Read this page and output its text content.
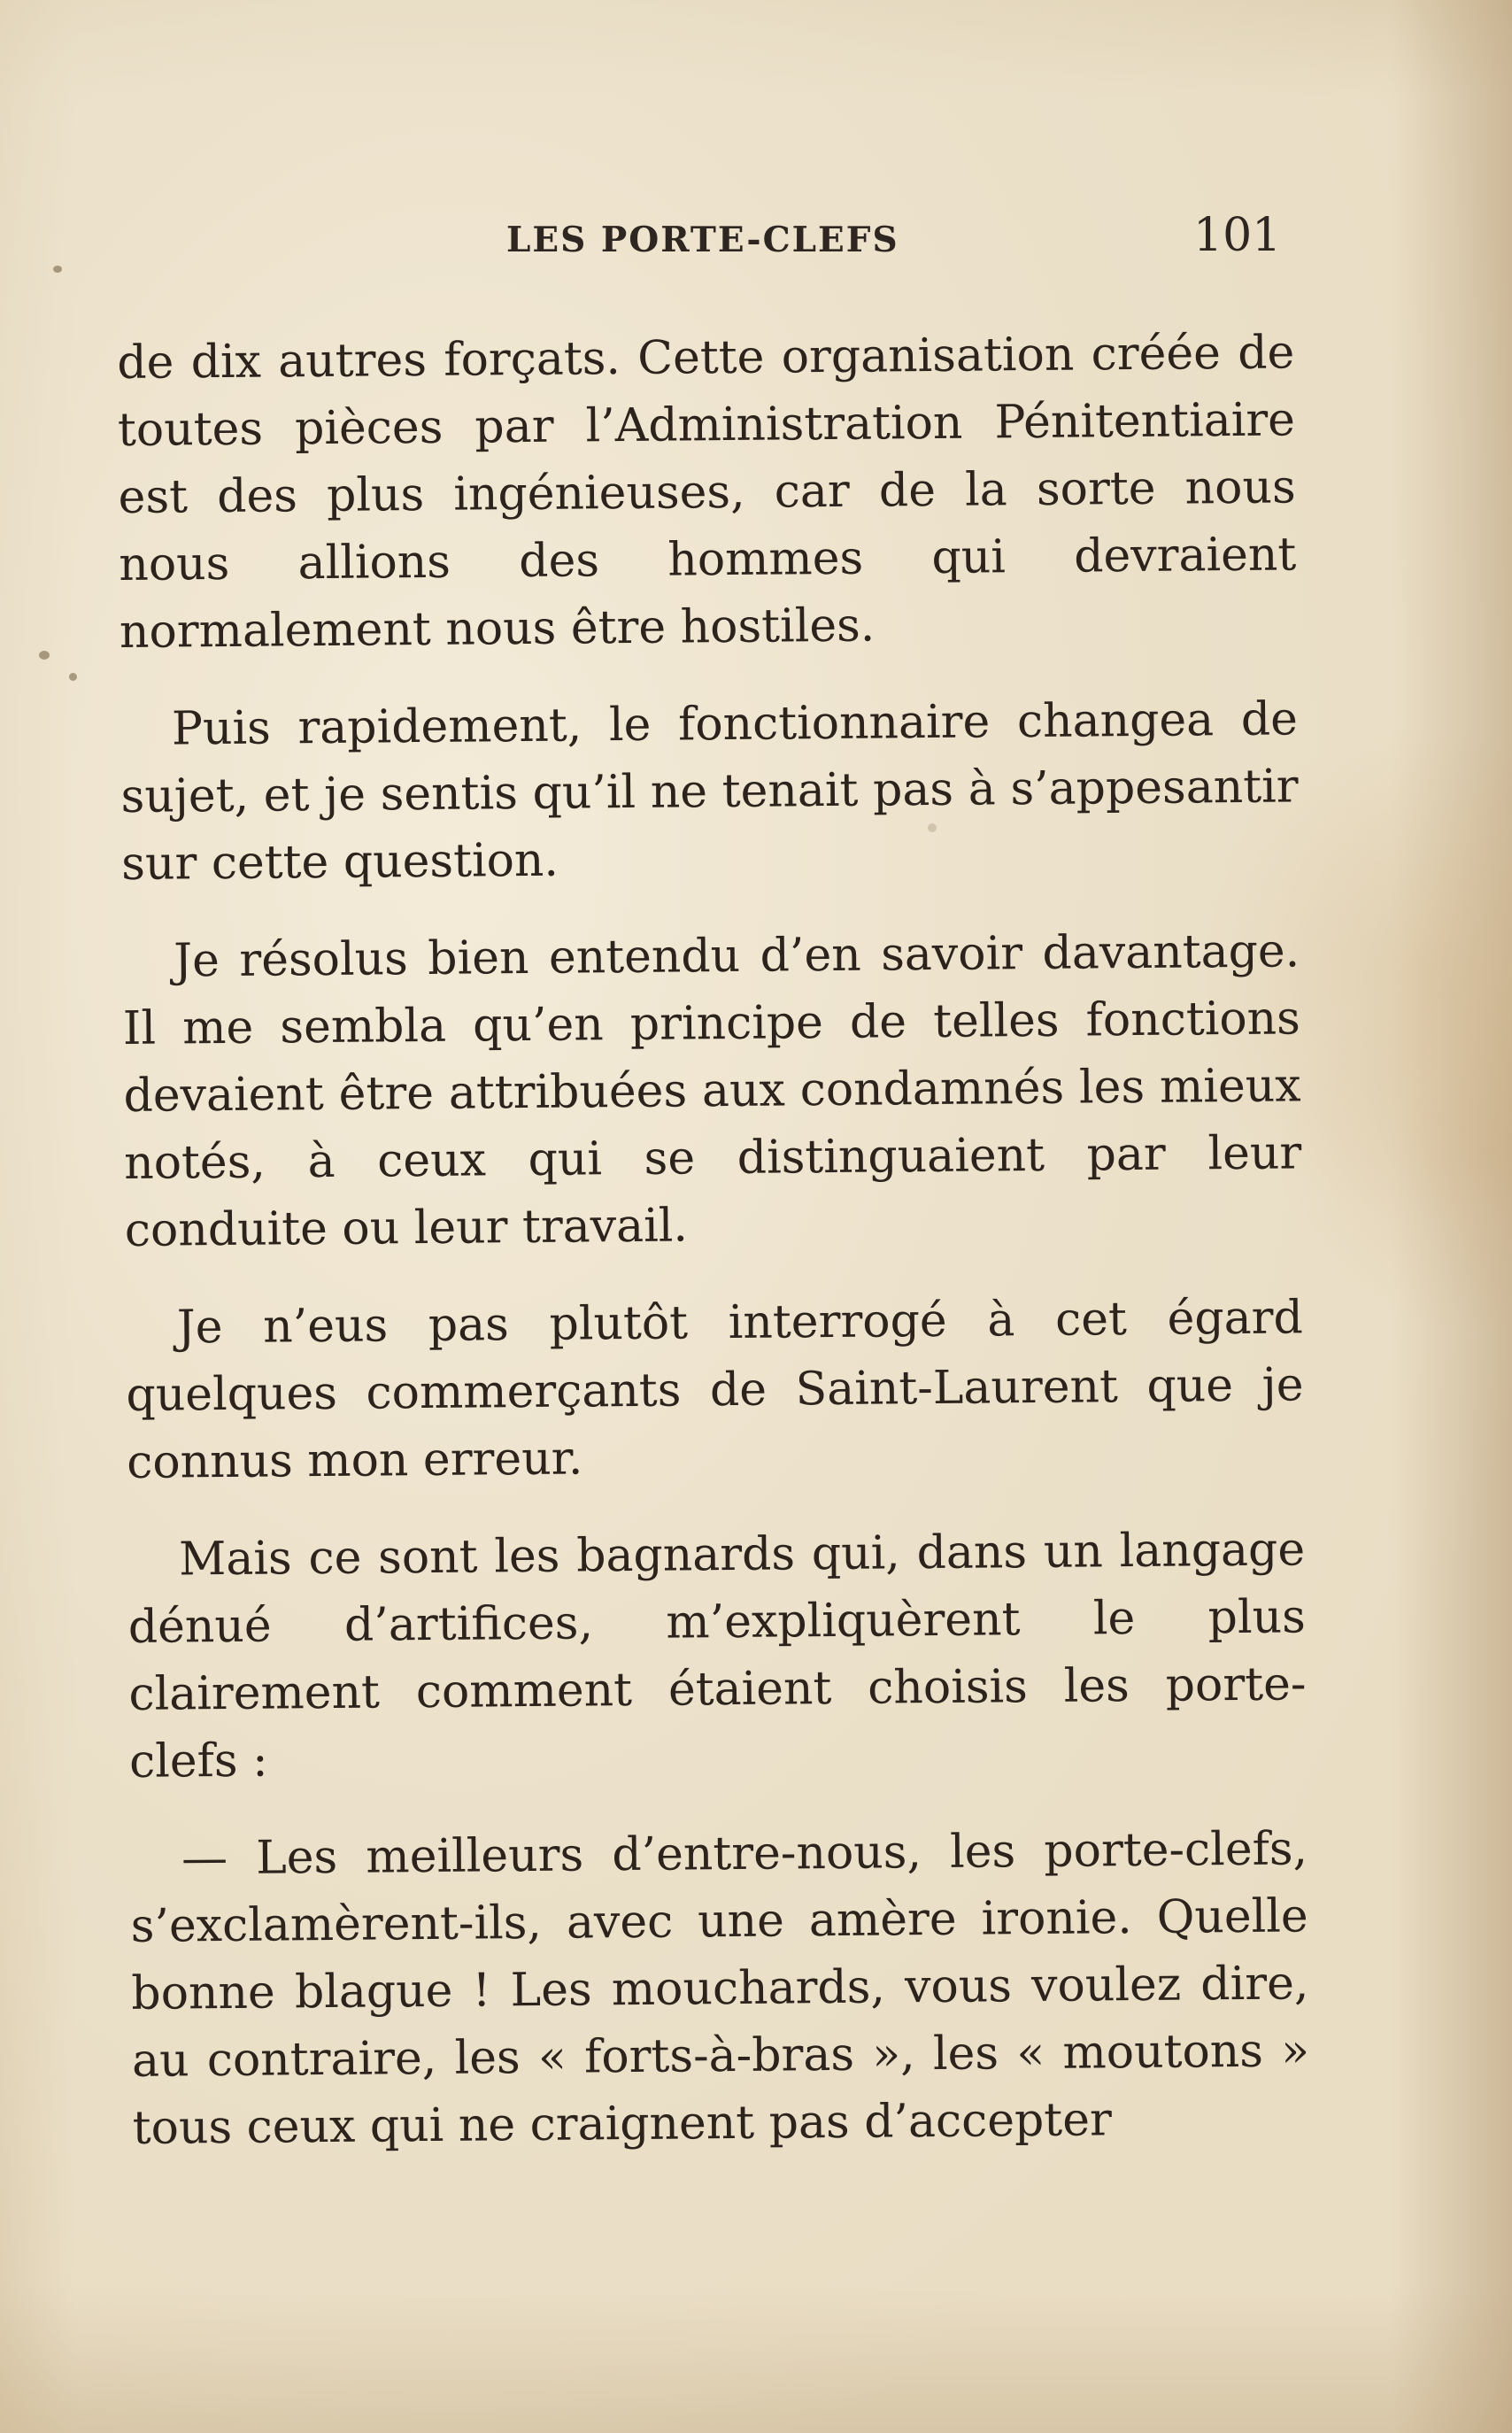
LES PORTE-CLEFS	101

de dix autres forçats. Cette organisation créée de toutes pièces par l’Administration Pénitentiaire est des plus ingénieuses, car de la sorte nous nous allions des hommes qui devraient normalement nous être hostiles.

Puis rapidement, le fonctionnaire changea de sujet, et je sentis qu’il ne tenait pas à s’appesantir sur cette question.

Je résolus bien entendu d’en savoir davantage. Il me sembla qu’en principe de telles fonctions devaient être attribuées aux condamnés les mieux notés, à ceux qui se distinguaient par leur conduite ou leur travail.

Je n’eus pas plutôt interrogé à cet égard quelques commerçants de Saint-Laurent que je connus mon erreur.

Mais ce sont les bagnards qui, dans un langage dénué d’artifices, m’expliquèrent le plus clairement comment étaient choisis les porte-clefs :

— Les meilleurs d’entre-nous, les porte-clefs, s’exclamèrent-ils, avec une amère ironie. Quelle bonne blague ! Les mouchards, vous voulez dire, au contraire, les « forts-à-bras », les « moutons » tous ceux qui ne craignent pas d’accepter
